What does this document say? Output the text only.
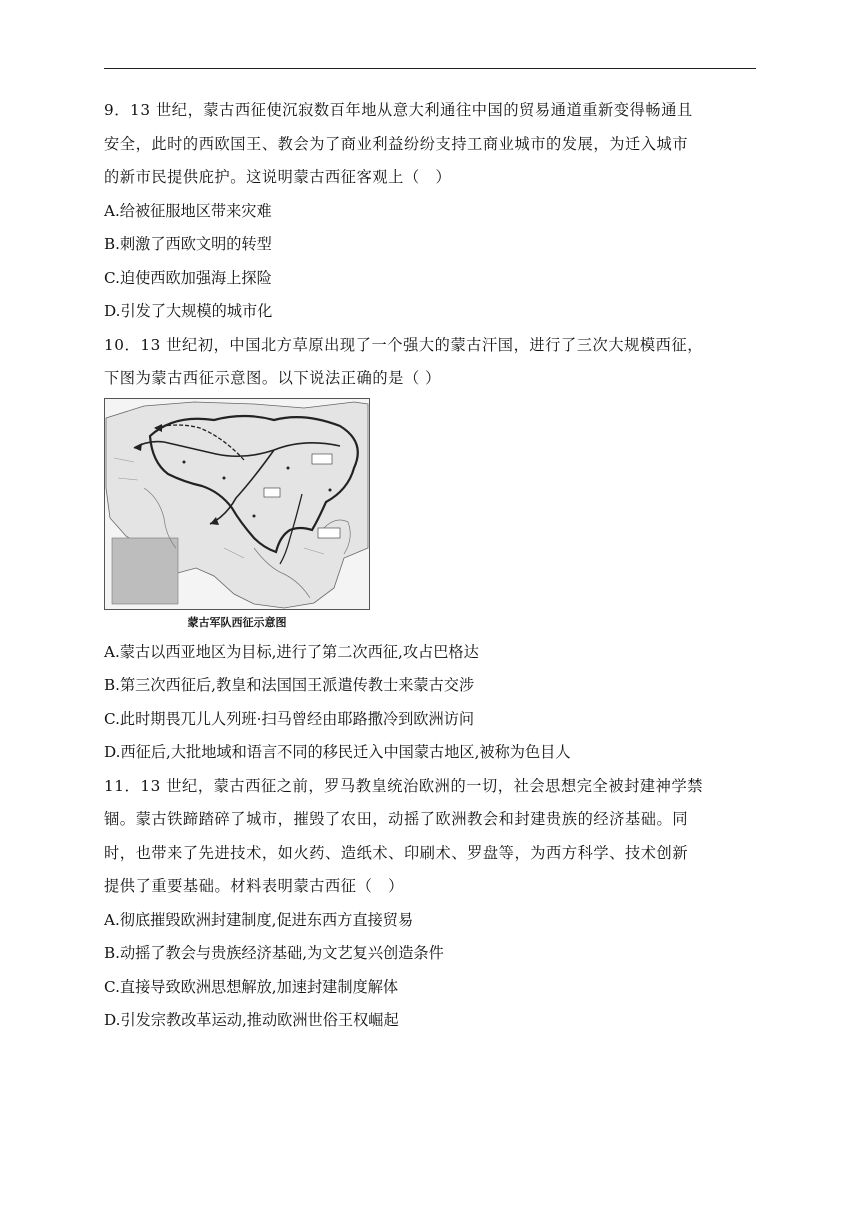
9．13 世纪，蒙古西征使沉寂数百年地从意大利通往中国的贸易通道重新变得畅通且
安全，此时的西欧国王、教会为了商业利益纷纷支持工商业城市的发展，为迁入城市
的新市民提供庇护。这说明蒙古西征客观上（　）
A.给被征服地区带来灾难
B.刺激了西欧文明的转型
C.迫使西欧加强海上探险
D.引发了大规模的城市化
10．13 世纪初，中国北方草原出现了一个强大的蒙古汗国，进行了三次大规模西征，
下图为蒙古西征示意图。以下说法正确的是（ ）
蒙古军队西征示意图
A.蒙古以西亚地区为目标,进行了第二次西征,攻占巴格达
B.第三次西征后,教皇和法国国王派遣传教士来蒙古交涉
C.此时期畏兀儿人列班·扫马曾经由耶路撒冷到欧洲访问
D.西征后,大批地域和语言不同的移民迁入中国蒙古地区,被称为色目人
11．13 世纪，蒙古西征之前，罗马教皇统治欧洲的一切，社会思想完全被封建神学禁
锢。蒙古铁蹄踏碎了城市，摧毁了农田，动摇了欧洲教会和封建贵族的经济基础。同
时，也带来了先进技术，如火药、造纸术、印刷术、罗盘等，为西方科学、技术创新
提供了重要基础。材料表明蒙古西征（　）
A.彻底摧毁欧洲封建制度,促进东西方直接贸易
B.动摇了教会与贵族经济基础,为文艺复兴创造条件
C.直接导致欧洲思想解放,加速封建制度解体
D.引发宗教改革运动,推动欧洲世俗王权崛起
